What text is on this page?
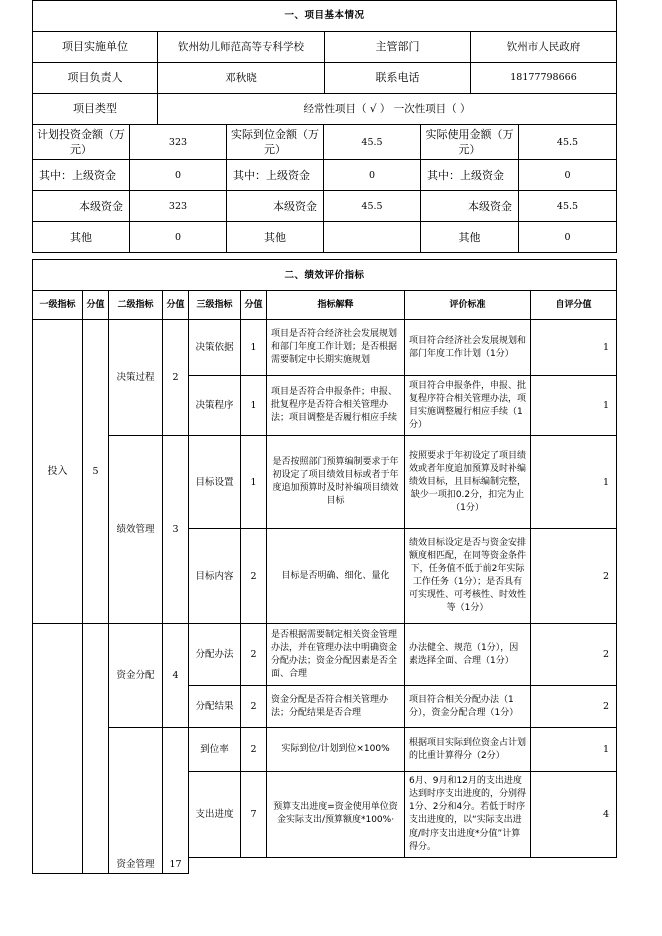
一、项目基本情况			
项目实施单位	钦州幼儿师范高等专科学校	主管部门	钦州市人民政府
项目负责人	邓秋晓	联系电话	18177798666
项目类型	经常性项目（ √ ） 一次性项目（ ）		
计划投资金额（万元）	323	实际到位金额（万元）	45.5	实际使用金额（万元）	45.5
其中：上级资金	0	其中：上级资金	0	其中：上级资金	0
本级资金	323	本级资金	45.5	本级资金	45.5
其他	0	其他		其他	0
二、绩效评价指标
一级指标	分值	二级指标	分值	三级指标	分值	指标解释	评价标准	自评分值
投入	5	决策过程	2	决策依据	1	项目是否符合经济社会发展规划和部门年度工作计划；是否根据需要制定中长期实施规划	项目符合经济社会发展规划和部门年度工作计划（1分）	1
				决策程序	1	项目是否符合申报条件；申报、批复程序是否符合相关管理办法；项目调整是否履行相应手续	项目符合申报条件，申报、批复程序符合相关管理办法，项目实施调整履行相应手续（1分）	1
		绩效管理	3	目标设置	1	是否按照部门预算编制要求于年初设定了项目绩效目标或者于年度追加预算时及时补编项目绩效目标	按照要求于年初设定了项目绩效或者年度追加预算及时补编绩效目标，且目标编制完整，缺少一项扣0.2分，扣完为止（1分）	1
				目标内容	2	目标是否明确、细化、量化	绩效目标设定是否与资金安排额度相匹配，在同等资金条件下，任务值不低于前2年实际工作任务（1分）；是否具有可实现性、可考核性、时效性等（1分）	2
		资金分配	4	分配办法	2	是否根据需要制定相关资金管理办法，并在管理办法中明确资金分配办法；资金分配因素是否全面、合理	办法健全、规范（1分），因素选择全面、合理（1分）	2
				分配结果	2	资金分配是否符合相关管理办法；分配结果是否合理	项目符合相关分配办法（1分），资金分配合理（1分）	2
		资金管理	17	到位率	2	实际到位/计划到位×100%	根据项目实际到位资金占计划的比重计算得分（2分）	1
				支出进度	7	预算支出进度=资金使用单位资金实际支出/预算额度*100%·	6月、9月和12月的支出进度达到时序支出进度的，分别得1分、2分和4分。若低于时序支出进度的，以“实际支出进度/时序支出进度*分值”计算得分。	4
